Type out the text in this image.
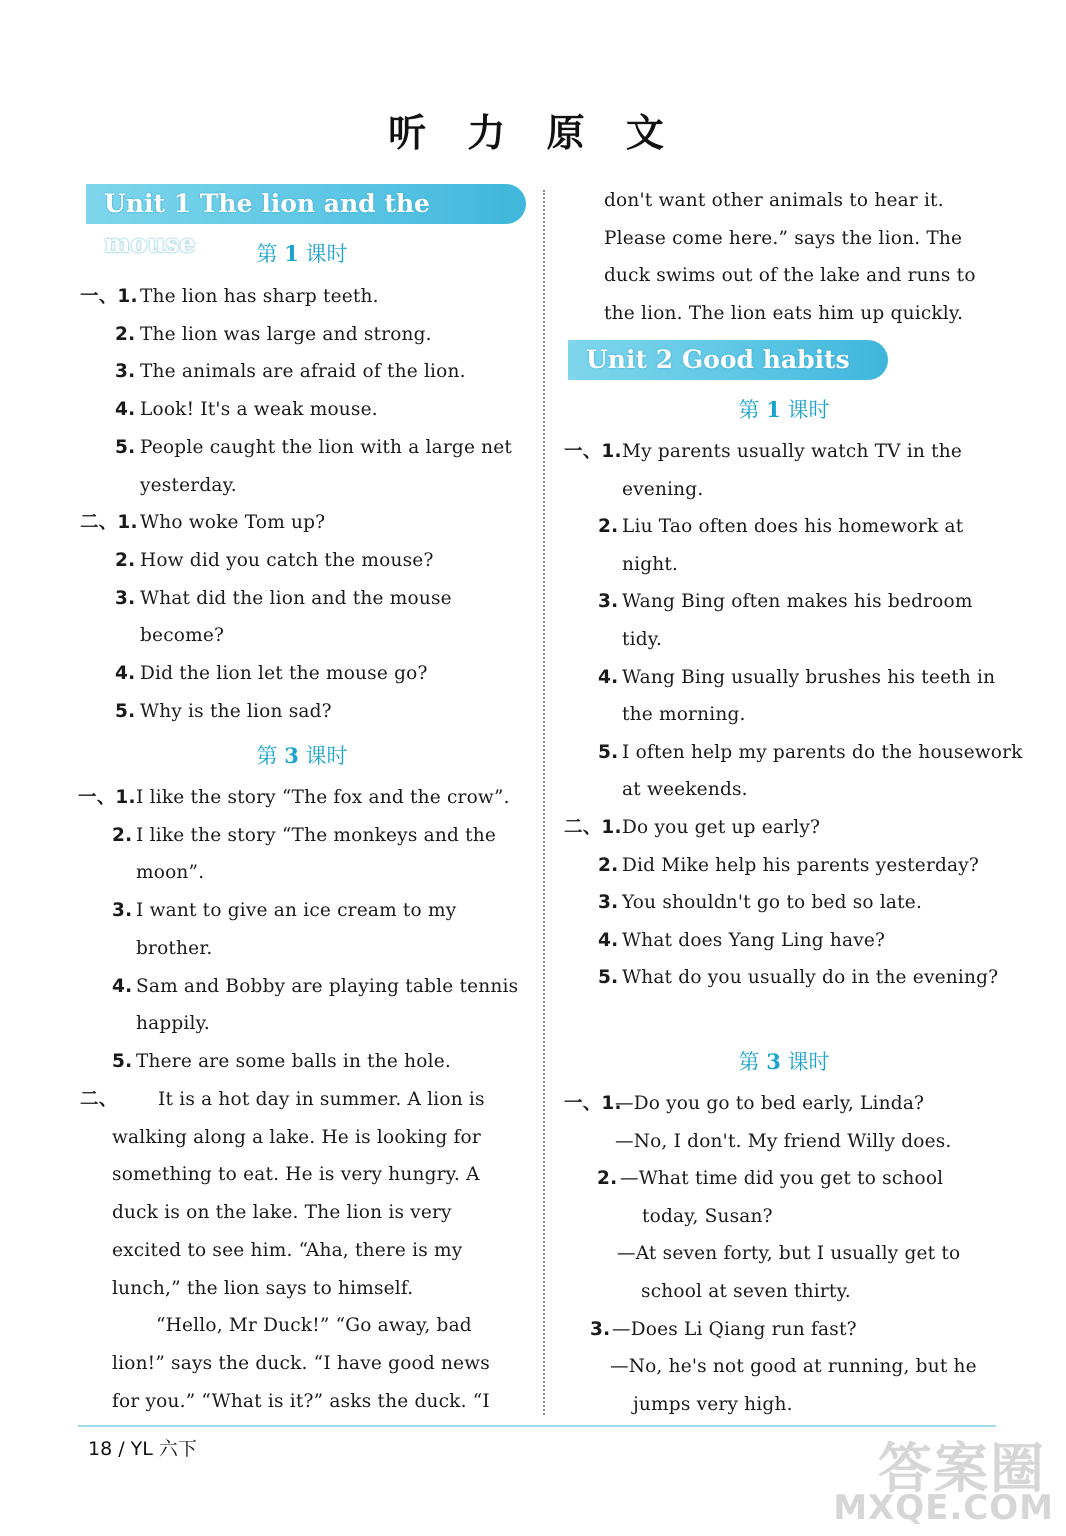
听 力 原 文
Unit 1 The lion and the mouse	第 1 课时
一、1. The lion has sharp teeth.
2. The lion was large and strong.
3. The animals are afraid of the lion.
4. Look! It's a weak mouse.
5. People caught the lion with a large net
yesterday.
二、1. Who woke Tom up?
2. How did you catch the mouse?
3. What did the lion and the mouse
become?
4. Did the lion let the mouse go?
5. Why is the lion sad?
第 3 课时
一、1. I like the story “The fox and the crow”.
2. I like the story “The monkeys and the
moon”.
3. I want to give an ice cream to my
brother.
4. Sam and Bobby are playing table tennis
happily.
5. There are some balls in the hole.
二、 It is a hot day in summer. A lion is
walking along a lake. He is looking for
something to eat. He is very hungry. A
duck is on the lake. The lion is very
excited to see him. “Aha, there is my
lunch,” the lion says to himself.
“Hello, Mr Duck!” “Go away, bad
lion!” says the duck. “I have good news
for you.” “What is it?” asks the duck. “I
don't want other animals to hear it.
Please come here.” says the lion. The
duck swims out of the lake and runs to
the lion. The lion eats him up quickly.
Unit 2 Good habits
第 1 课时
一、1. My parents usually watch TV in the
evening.
2. Liu Tao often does his homework at
night.
3. Wang Bing often makes his bedroom
tidy.
4. Wang Bing usually brushes his teeth in
the morning.
5. I often help my parents do the housework
at weekends.
二、1. Do you get up early?
2. Did Mike help his parents yesterday?
3. You shouldn't go to bed so late.
4. What does Yang Ling have?
5. What do you usually do in the evening?
第 3 课时
一、1.
—Do you go to bed early, Linda?
—No, I don't. My friend Willy does.
2. —What time did you get to school
today, Susan?
—At seven forty, but I usually get to
school at seven thirty.
3. —Does Li Qiang run fast?
—No, he's not good at running, but he
jumps very high.
18 / YL 六下	答案圈
MXQE.COM
